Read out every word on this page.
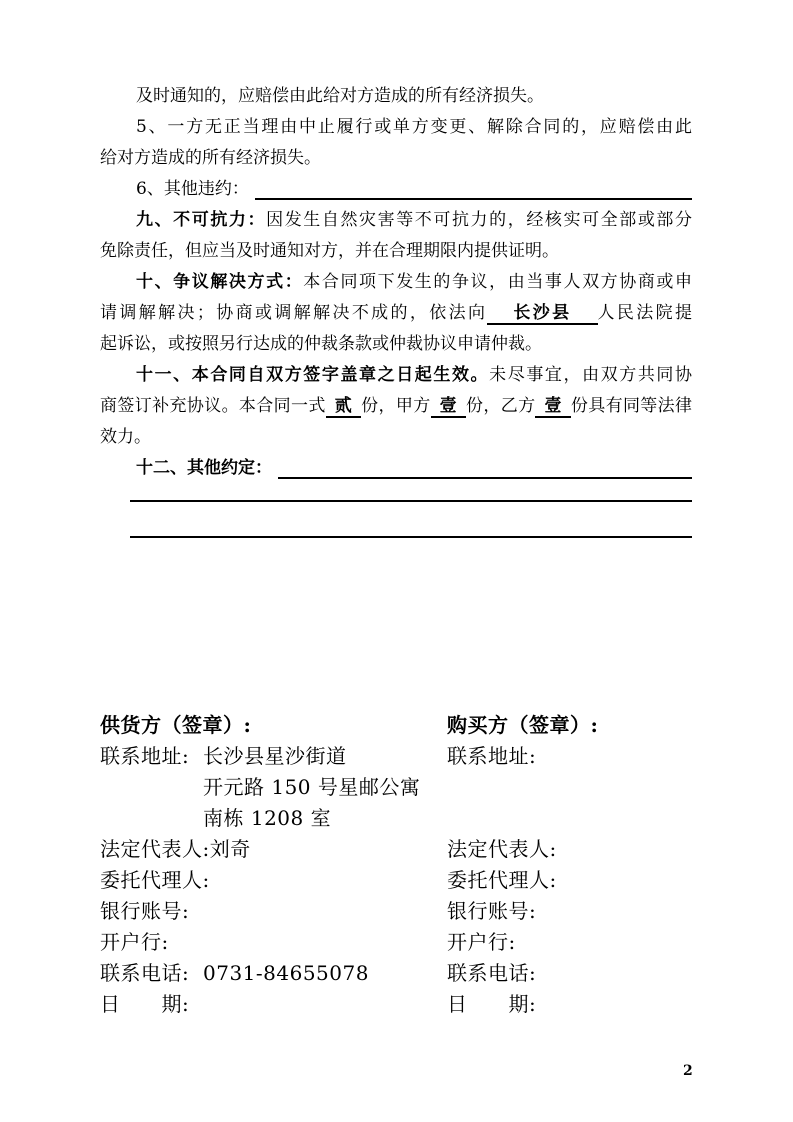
及时通知的，应赔偿由此给对方造成的所有经济损失。
5、一方无正当理由中止履行或单方变更、解除合同的，应赔偿由此
给对方造成的所有经济损失。
6、其他违约：
九、不可抗力：因发生自然灾害等不可抗力的，经核实可全部或部分
免除责任，但应当及时通知对方，并在合理期限内提供证明。
十、争议解决方式：本合同项下发生的争议，由当事人双方协商或申
请调解解决；协商或调解解决不成的，依法向 长沙县 人民法院提
起诉讼，或按照另行达成的仲裁条款或仲裁协议申请仲裁。
十一、本合同自双方签字盖章之日起生效。未尽事宜，由双方共同协
商签订补充协议。本合同一式 贰 份，甲方 壹 份，乙方 壹 份具有同等法律
效力。
十二、其他约定：
供货方（签章）:
联系地址: 长沙县星沙街道
开元路 150 号星邮公寓
南栋 1208 室
法定代表人:刘奇
委托代理人:
银行账号:
开户行:
联系电话: 0731-84655078
日　　期:
购买方（签章）:
联系地址:
法定代表人:
委托代理人:
银行账号:
开户行:
联系电话:
日　　期:
2
